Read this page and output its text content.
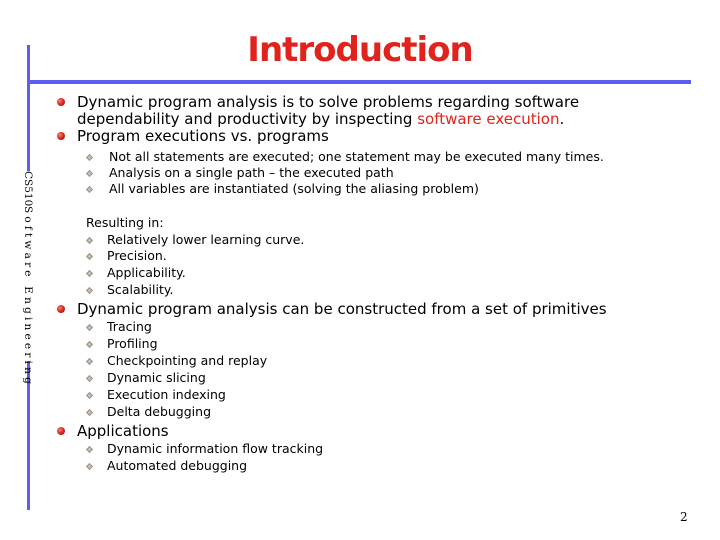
CS510Software Engineering
Introduction
Dynamic program analysis is to solve problems regarding software
dependability and productivity by inspecting software execution.
Program executions vs. programs
Not all statements are executed; one statement may be executed many times.
Analysis on a single path – the executed path
All variables are instantiated (solving the aliasing problem)
Resulting in:
Relatively lower learning curve.
Precision.
Applicability.
Scalability.
Dynamic program analysis can be constructed from a set of primitives
Tracing
Profiling
Checkpointing and replay
Dynamic slicing
Execution indexing
Delta debugging
Applications
Dynamic information flow tracking
Automated debugging
2
